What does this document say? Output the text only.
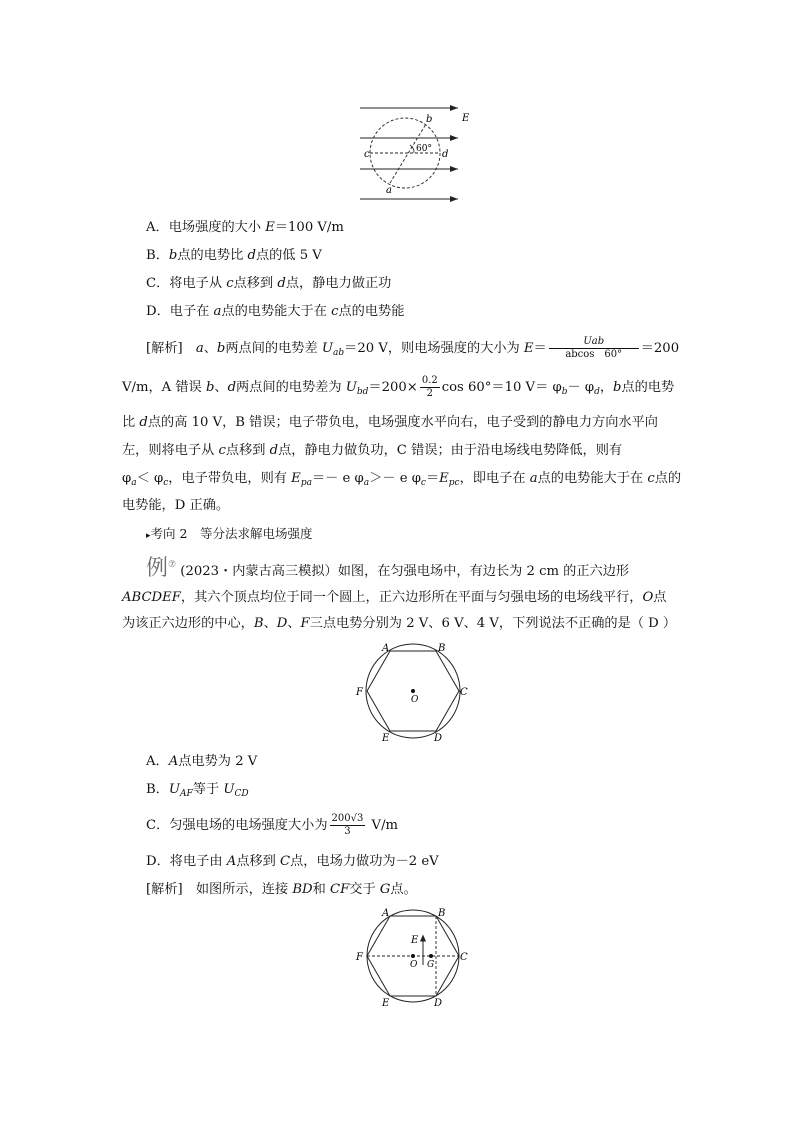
E
b
c	d
a
60°
A．电场强度的大小 E＝100 V/m
B．b点的电势比 d点的低 5 V
C．将电子从 c点移到 d点，静电力做正功
D．电子在 a点的电势能大于在 c点的电势能
[解析]　a、b两点间的电势差 $U_{ab}=20$ V，则电场强度的大小为 $E= \frac{\text{Uab}}{abcos 60^\circ} =200$
V/m，A 错误 b、d两点间的电势差为 $U_{bd}=200\times \frac{0.2}{2}$ cos 60°＝10 $V= \varphi_b- \varphi_d$，b点的电势
比 d点的高 10 V，B 错误；电子带负电，电场强度水平向右，电子受到的静电力方向水平向
左，则将电子从 c点移到 d点，静电力做负功，C 错误；由于沿电场线电势降低，则有
$\varphi_a< \varphi_c$，电子带负电，则有 $E_{pa}=- e$ $\varphi_a>- e$ $\varphi_c=E_{pc}$，即电子在 a点的电势能大于在 c点的
电势能，D 正确。
▸考向 2　等分法求解电场强度
例⑦ (2023・内蒙古高三模拟）如图，在匀强电场中，有边长为 2 cm 的正六边形
ABCDEF，其六个顶点均位于同一个圆上，正六边形所在平面与匀强电场的电场线平行，O点
为该正六边形的中心，B、D、F三点电势分别为 2 V、6 V、4 V，下列说法不正确的是（ D ）
A	B
C
D
E
F
O
A．A点电势为 2 V
B．$U_{AF}$等于 $U_{CD}$
C．匀强电场的电场强度大小为 $\frac{200√3}{3} V/m$
D．将电子由 A点移到 C点，电场力做功为－2 eV
[解析]　如图所示，连接 BD和 CF交于 G点。
A	B
C
D
E
F
O G
E
